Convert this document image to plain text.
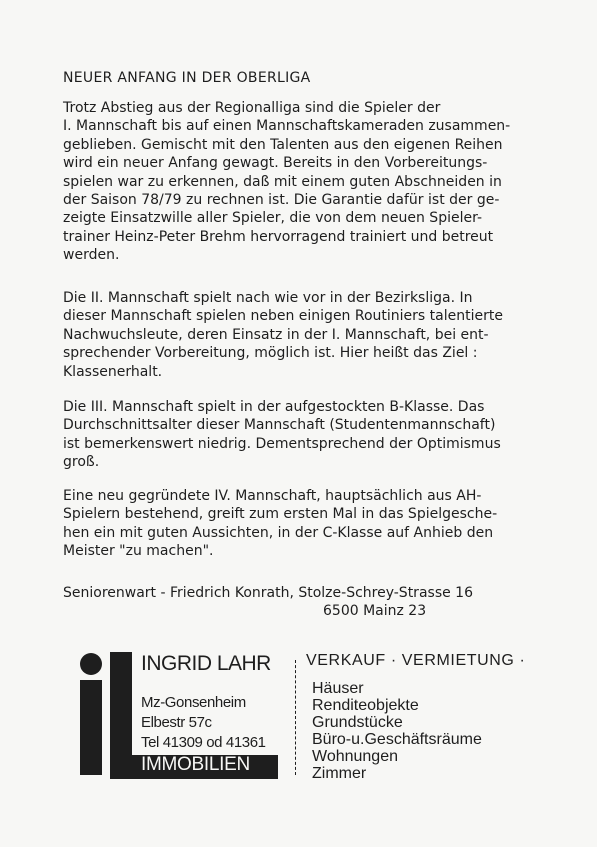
NEUER ANFANG IN DER OBERLIGA
Trotz Abstieg aus der Regionalliga sind die Spieler der
I. Mannschaft bis auf einen Mannschaftskameraden zusammen-
geblieben. Gemischt mit den Talenten aus den eigenen Reihen
wird ein neuer Anfang gewagt. Bereits in den Vorbereitungs-
spielen war zu erkennen, daß mit einem guten Abschneiden in
der Saison 78/79 zu rechnen ist. Die Garantie dafür ist der ge-
zeigte Einsatzwille aller Spieler, die von dem neuen Spieler-
trainer Heinz-Peter Brehm hervorragend trainiert und betreut
werden.
Die II. Mannschaft spielt nach wie vor in der Bezirksliga. In
dieser Mannschaft spielen neben einigen Routiniers talentierte
Nachwuchsleute, deren Einsatz in der I. Mannschaft, bei ent-
sprechender Vorbereitung, möglich ist. Hier heißt das Ziel :
Klassenerhalt.
Die III. Mannschaft spielt in der aufgestockten B-Klasse. Das
Durchschnittsalter dieser Mannschaft (Studentenmannschaft)
ist bemerkenswert niedrig. Dementsprechend der Optimismus
groß.
Eine neu gegründete IV. Mannschaft, hauptsächlich aus AH-
Spielern bestehend, greift zum ersten Mal in das Spielgesche-
hen ein mit guten Aussichten, in der C-Klasse auf Anhieb den
Meister "zu machen".
Seniorenwart - Friedrich Konrath, Stolze-Schrey-Strasse 16
6500 Mainz 23
INGRID LAHR
Mz-Gonsenheim
Elbestr 57c
Tel 41309 od 41361
IMMOBILIEN
VERKAUF · VERMIETUNG ·
Häuser
Renditeobjekte
Grundstücke
Büro-u.Geschäftsräume
Wohnungen
Zimmer
